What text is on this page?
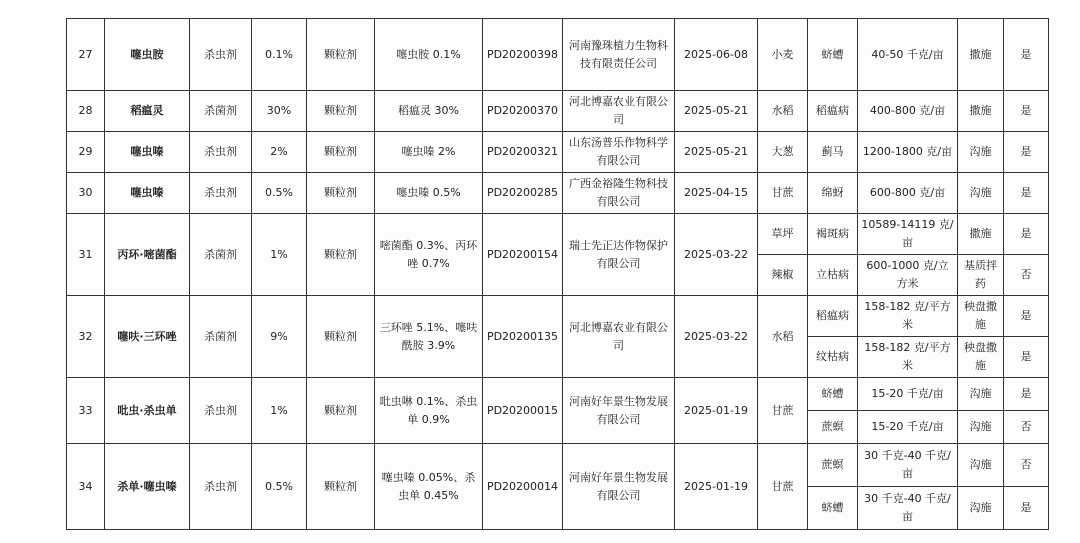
27	噻虫胺	杀虫剂	0.1%	颗粒剂	噻虫胺 0.1%	PD20200398	河南豫珠植力生物科技有限责任公司	2025-06-08	小麦	蛴螬	40-50 千克/亩	撒施	是
28	稻瘟灵	杀菌剂	30%	颗粒剂	稻瘟灵 30%	PD20200370	河北博嘉农业有限公司	2025-05-21	水稻	稻瘟病	400-800 克/亩	撒施	是
29	噻虫嗪	杀虫剂	2%	颗粒剂	噻虫嗪 2%	PD20200321	山东汤普乐作物科学有限公司	2025-05-21	大葱	蓟马	1200-1800 克/亩	沟施	是
30	噻虫嗪	杀虫剂	0.5%	颗粒剂	噻虫嗪 0.5%	PD20200285	广西金裕隆生物科技有限公司	2025-04-15	甘蔗	绵蚜	600-800 克/亩	沟施	是
31	丙环·嘧菌酯	杀菌剂	1%	颗粒剂	嘧菌酯 0.3%、丙环唑 0.7%	PD20200154	瑞士先正达作物保护有限公司	2025-03-22	草坪	褐斑病	10589-14119 克/亩	撒施	是
									辣椒	立枯病	600-1000 克/立方米	基质拌药	否
32	噻呋·三环唑	杀菌剂	9%	颗粒剂	三环唑 5.1%、噻呋酰胺 3.9%	PD20200135	河北博嘉农业有限公司	2025-03-22	水稻	稻瘟病	158-182 克/平方米	秧盘撒施	是
										纹枯病	158-182 克/平方米	秧盘撒施	是
33	吡虫·杀虫单	杀虫剂	1%	颗粒剂	吡虫啉 0.1%、杀虫单 0.9%	PD20200015	河南好年景生物发展有限公司	2025-01-19	甘蔗	蛴螬	15-20 千克/亩	沟施	是
										蔗螟	15-20 千克/亩	沟施	否
34	杀单·噻虫嗪	杀虫剂	0.5%	颗粒剂	噻虫嗪 0.05%、杀虫单 0.45%	PD20200014	河南好年景生物发展有限公司	2025-01-19	甘蔗	蔗螟	30 千克-40 千克/亩	沟施	否
										蛴螬	30 千克-40 千克/亩	沟施	是
